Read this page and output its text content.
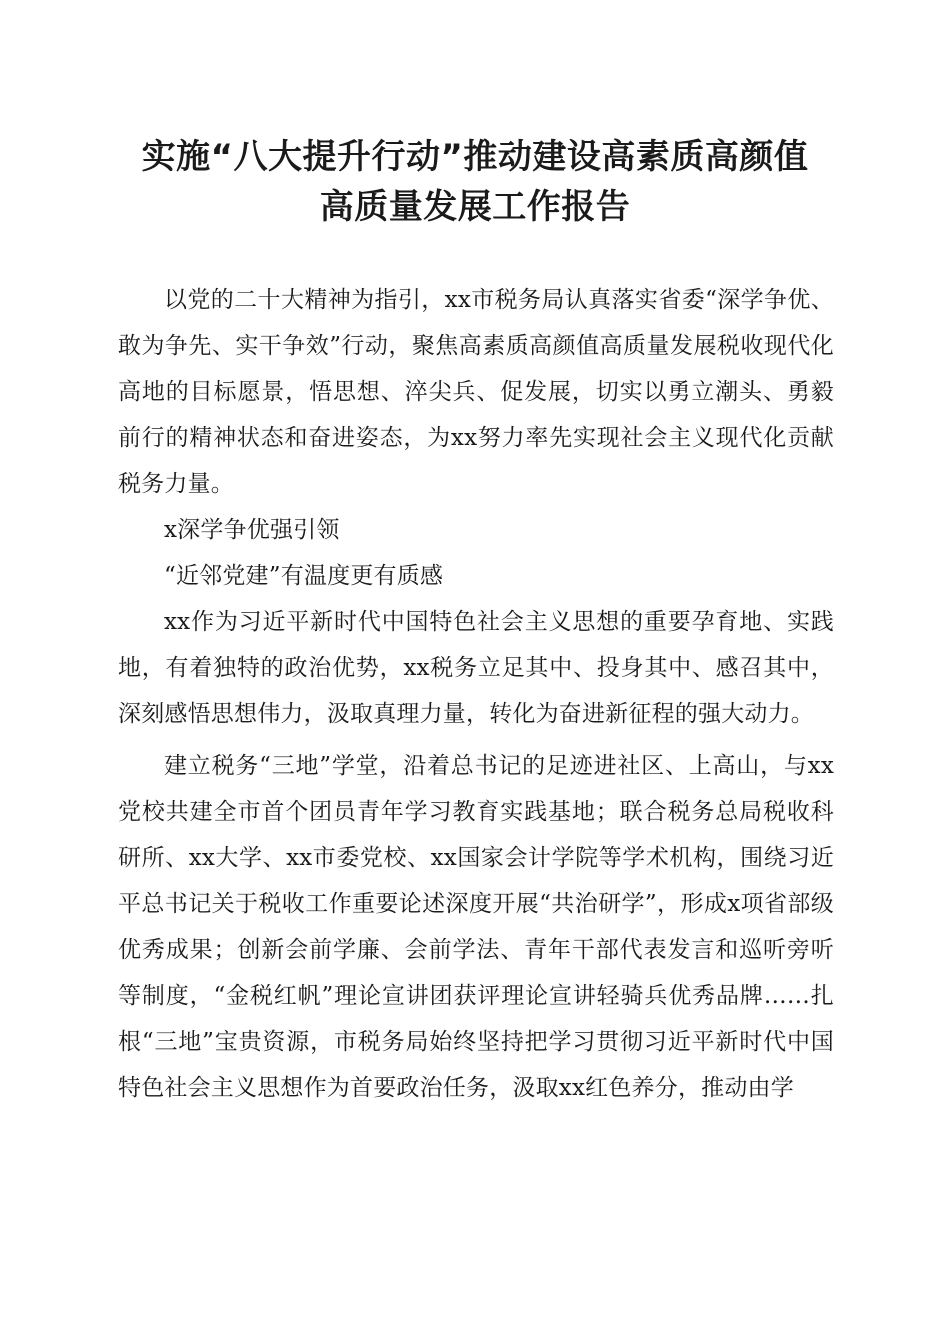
实施“八大提升行动”推动建设高素质高颜值
高质量发展工作报告

以党的二十大精神为指引，xx市税务局认真落实省委“深学争优、敢为争先、实干争效”行动，聚焦高素质高颜值高质量发展税收现代化高地的目标愿景，悟思想、淬尖兵、促发展，切实以勇立潮头、勇毅前行的精神状态和奋进姿态，为xx努力率先实现社会主义现代化贡献税务力量。

x深学争优强引领

“近邻党建”有温度更有质感

xx作为习近平新时代中国特色社会主义思想的重要孕育地、实践地，有着独特的政治优势，xx税务立足其中、投身其中、感召其中，深刻感悟思想伟力，汲取真理力量，转化为奋进新征程的强大动力。

建立税务“三地”学堂，沿着总书记的足迹进社区、上高山，与xx党校共建全市首个团员青年学习教育实践基地；联合税务总局税收科研所、xx大学、xx市委党校、xx国家会计学院等学术机构，围绕习近平总书记关于税收工作重要论述深度开展“共治研学”，形成x项省部级优秀成果；创新会前学廉、会前学法、青年干部代表发言和巡听旁听等制度，“金税红帆”理论宣讲团获评理论宣讲轻骑兵优秀品牌……扎根“三地”宝贵资源，市税务局始终坚持把学习贯彻习近平新时代中国特色社会主义思想作为首要政治任务，汲取xx红色养分，推动由学
